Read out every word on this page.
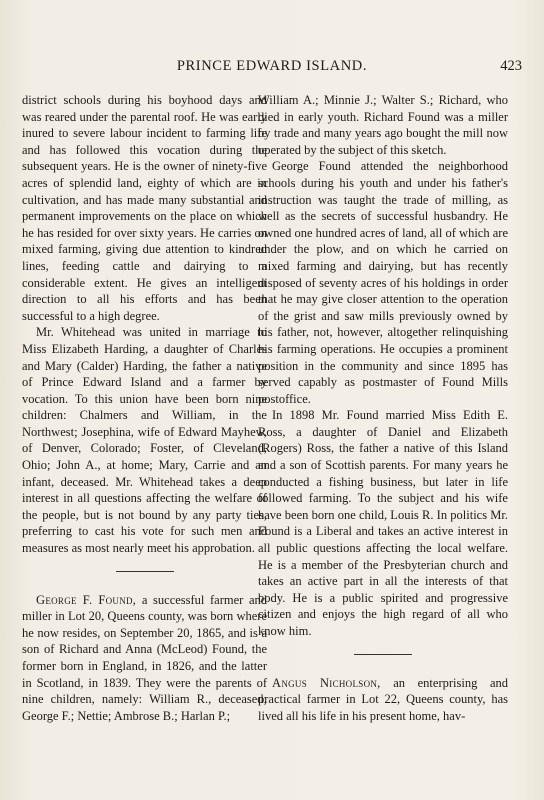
PRINCE EDWARD ISLAND.	423

district schools during his boyhood days and was reared under the parental roof. He was early inured to severe labour incident to farming life and has followed this vocation during the subsequent years. He is the owner of ninety-five acres of splendid land, eighty of which are in cultivation, and has made many substantial and permanent improvements on the place on which he has resided for over sixty years. He carries on mixed farming, giving due attention to kindred lines, feeding cattle and dairying to a considerable extent. He gives an intelligent direction to all his efforts and has been successful to a high degree.

Mr. Whitehead was united in marriage to Miss Elizabeth Harding, a daughter of Charles and Mary (Calder) Harding, the father a native of Prince Edward Island and a farmer by vocation. To this union have been born nine children: Chalmers and William, in the Northwest; Josephina, wife of Edward Mayhew, of Denver, Colorado; Foster, of Cleveland, Ohio; John A., at home; Mary, Carrie and an infant, deceased. Mr. Whitehead takes a deep interest in all questions affecting the welfare of the people, but is not bound by any party ties, preferring to cast his vote for such men and measures as most nearly meet his approbation.

George F. Found, a successful farmer and miller in Lot 20, Queens county, was born where he now resides, on September 20, 1865, and is a son of Richard and Anna (McLeod) Found, the former born in England, in 1826, and the latter in Scotland, in 1839. They were the parents of nine children, namely: William R., deceased; George F.; Nettie; Ambrose B.; Harlan P.;

William A.; Minnie J.; Walter S.; Richard, who died in early youth. Richard Found was a miller by trade and many years ago bought the mill now operated by the subject of this sketch.

George Found attended the neighborhood schools during his youth and under his father's instruction was taught the trade of milling, as well as the secrets of successful husbandry. He owned one hundred acres of land, all of which are under the plow, and on which he carried on mixed farming and dairying, but has recently disposed of seventy acres of his holdings in order that he may give closer attention to the operation of the grist and saw mills previously owned by his father, not, however, altogether relinquishing his farming operations. He occupies a prominent position in the community and since 1895 has served capably as postmaster of Found Mills postoffice.

In 1898 Mr. Found married Miss Edith E. Ross, a daughter of Daniel and Elizabeth (Rogers) Ross, the father a native of this Island and a son of Scottish parents. For many years he conducted a fishing business, but later in life followed farming. To the subject and his wife have been born one child, Louis R. In politics Mr. Found is a Liberal and takes an active interest in all public questions affecting the local welfare. He is a member of the Presbyterian church and takes an active part in all the interests of that body. He is a public spirited and progressive citizen and enjoys the high regard of all who know him.

Angus Nicholson, an enterprising and practical farmer in Lot 22, Queens county, has lived all his life in his present home, hav-
